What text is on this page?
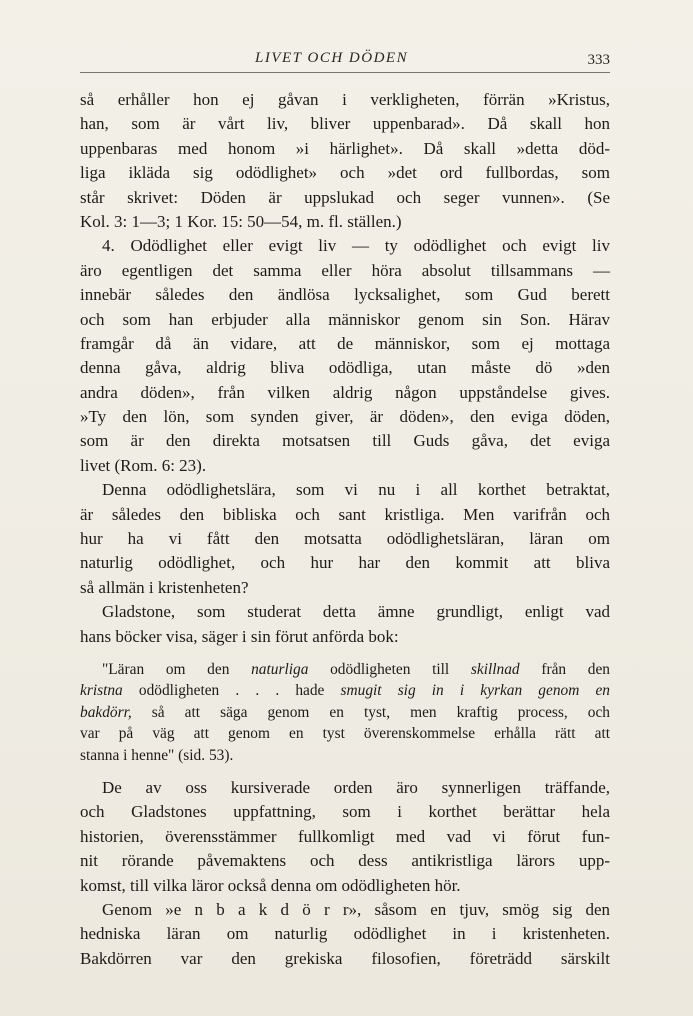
LIVET OCH DÖDEN	333
så erhåller hon ej gåvan i verkligheten, förrän »Kristus,
han, som är vårt liv, bliver uppenbarad». Då skall hon
uppenbaras med honom »i härlighet». Då skall »detta död-
liga ikläda sig odödlighet» och »det ord fullbordas, som
står skrivet: Döden är uppslukad och seger vunnen». (Se
Kol. 3: 1—3; 1 Kor. 15: 50—54, m. fl. ställen.)
4. Odödlighet eller evigt liv — ty odödlighet och evigt liv
äro egentligen det samma eller höra absolut tillsammans —
innebär således den ändlösa lycksalighet, som Gud berett
och som han erbjuder alla människor genom sin Son. Härav
framgår då än vidare, att de människor, som ej mottaga
denna gåva, aldrig bliva odödliga, utan måste dö »den
andra döden», från vilken aldrig någon uppståndelse gives.
»Ty den lön, som synden giver, är döden», den eviga döden,
som är den direkta motsatsen till Guds gåva, det eviga
livet (Rom. 6: 23).
Denna odödlighetslära, som vi nu i all korthet betraktat,
är således den bibliska och sant kristliga. Men varifrån och
hur ha vi fått den motsatta odödlighetsläran, läran om
naturlig odödlighet, och hur har den kommit att bliva
så allmän i kristenheten?
Gladstone, som studerat detta ämne grundligt, enligt vad
hans böcker visa, säger i sin förut anförda bok:
"Läran om den naturliga odödligheten till skillnad från den
kristna odödligheten . . . hade smugit sig in i kyrkan genom en
bakdörr, så att säga genom en tyst, men kraftig process, och
var på väg att genom en tyst överenskommelse erhålla rätt att
stanna i henne" (sid. 53).
De av oss kursiverade orden äro synnerligen träffande,
och Gladstones uppfattning, som i korthet berättar hela
historien, överensstämmer fullkomligt med vad vi förut fun-
nit rörande påvemaktens och dess antikristliga lärors upp-
komst, till vilka läror också denna om odödligheten hör.
Genom »e n b a k d ö r r», såsom en tjuv, smög sig den
hedniska läran om naturlig odödlighet in i kristenheten.
Bakdörren var den grekiska filosofien, företrädd särskilt
